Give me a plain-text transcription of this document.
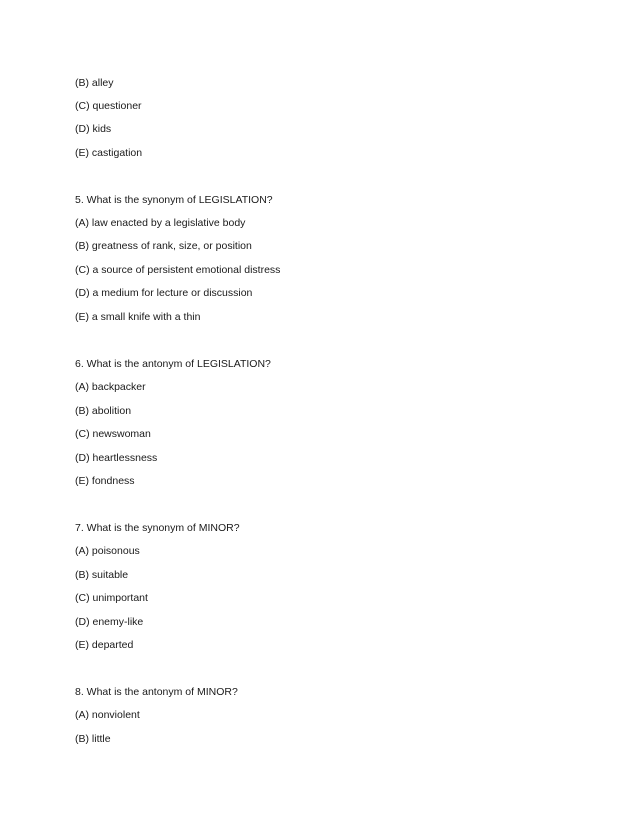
(B) alley
(C) questioner
(D) kids
(E) castigation
5. What is the synonym of LEGISLATION?
(A) law enacted by a legislative body
(B) greatness of rank, size, or position
(C) a source of persistent emotional distress
(D) a medium for lecture or discussion
(E) a small knife with a thin
6. What is the antonym of LEGISLATION?
(A) backpacker
(B) abolition
(C) newswoman
(D) heartlessness
(E) fondness
7. What is the synonym of MINOR?
(A) poisonous
(B) suitable
(C) unimportant
(D) enemy-like
(E) departed
8. What is the antonym of MINOR?
(A) nonviolent
(B) little
